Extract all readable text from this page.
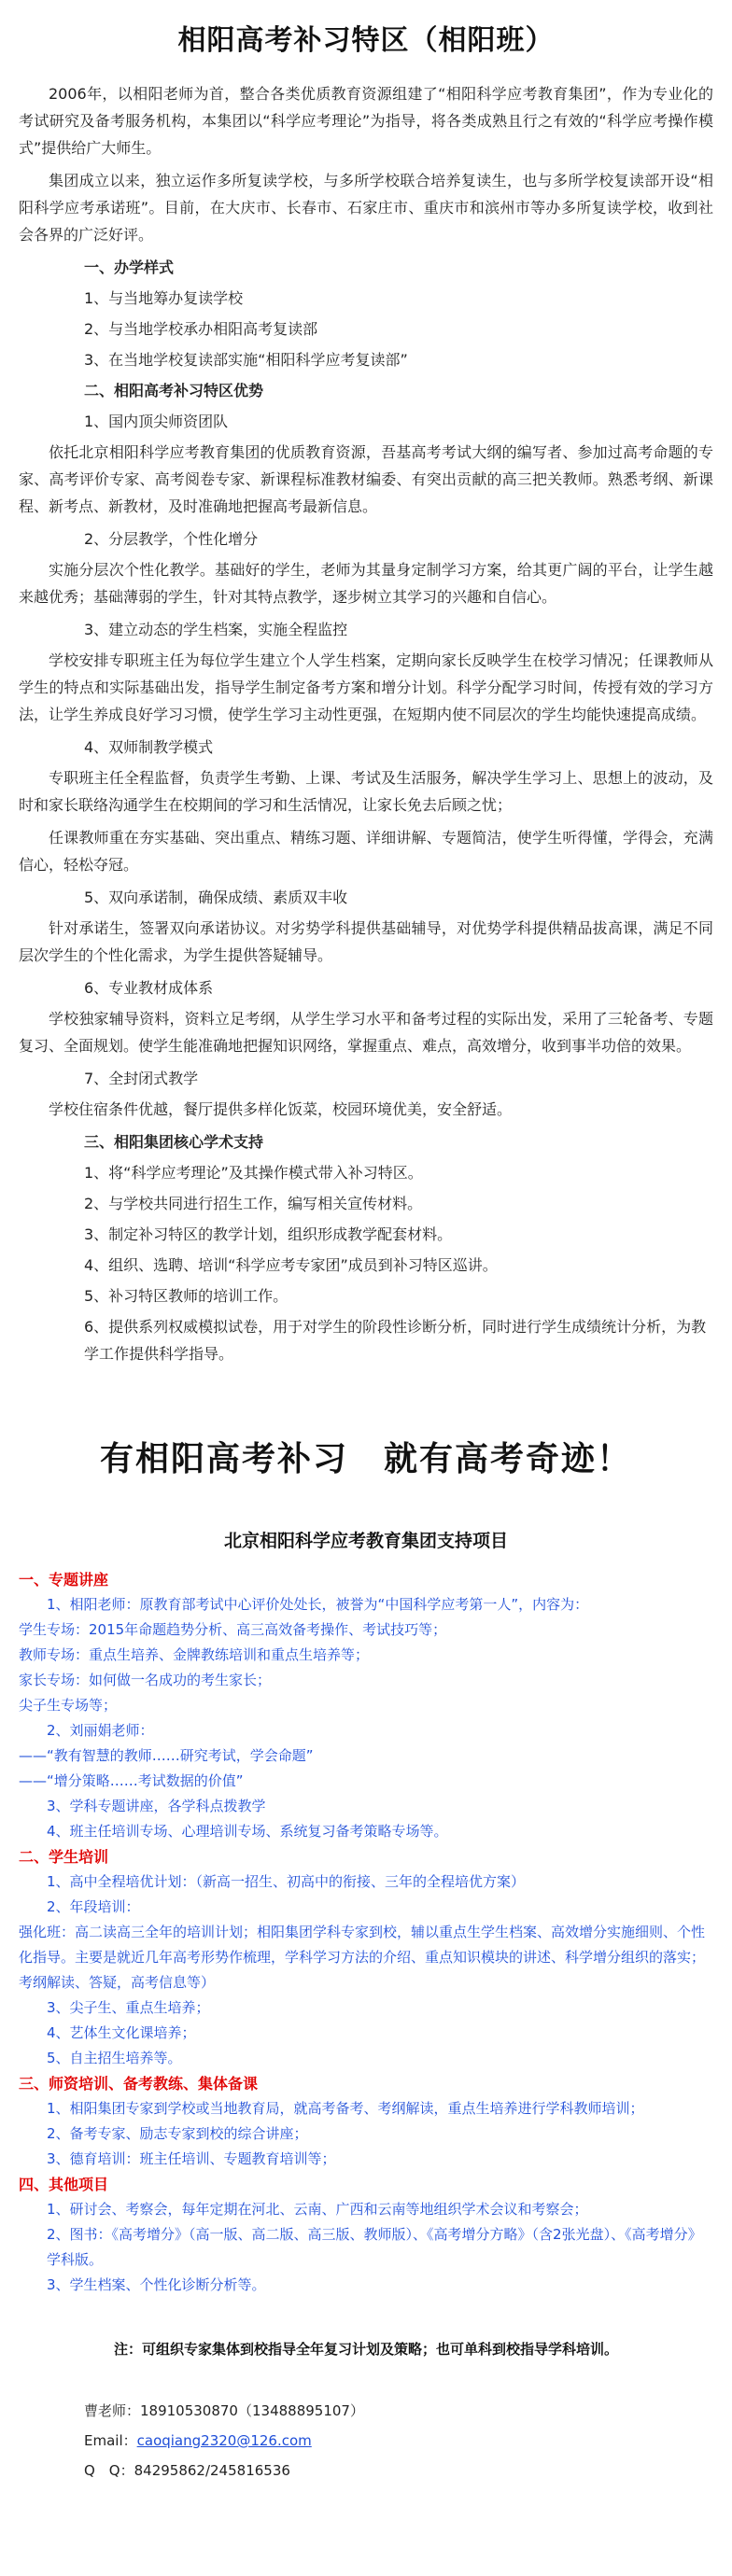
相阳高考补习特区（相阳班）

2006年，以相阳老师为首，整合各类优质教育资源组建了“相阳科学应考教育集团”，作为专业化的考试研究及备考服务机构，本集团以“科学应考理论”为指导，将各类成熟且行之有效的“科学应考操作模式”提供给广大师生。

集团成立以来，独立运作多所复读学校，与多所学校联合培养复读生，也与多所学校复读部开设“相阳科学应考承诺班”。目前，在大庆市、长春市、石家庄市、重庆市和滨州市等办多所复读学校，收到社会各界的广泛好评。

一、办学样式
1、与当地筹办复读学校
2、与当地学校承办相阳高考复读部
3、在当地学校复读部实施“相阳科学应考复读部”
二、相阳高考补习特区优势
1、国内顶尖师资团队

依托北京相阳科学应考教育集团的优质教育资源，吾基高考考试大纲的编写者、参加过高考命题的专家、高考评价专家、高考阅卷专家、新课程标准教材编委、有突出贡献的高三把关教师。熟悉考纲、新课程、新考点、新教材，及时准确地把握高考最新信息。

2、分层教学，个性化增分

实施分层次个性化教学。基础好的学生，老师为其量身定制学习方案，给其更广阔的平台，让学生越来越优秀；基础薄弱的学生，针对其特点教学，逐步树立其学习的兴趣和自信心。

3、建立动态的学生档案，实施全程监控

学校安排专职班主任为每位学生建立个人学生档案，定期向家长反映学生在校学习情况；任课教师从学生的特点和实际基础出发，指导学生制定备考方案和增分计划。科学分配学习时间，传授有效的学习方法，让学生养成良好学习习惯，使学生学习主动性更强，在短期内使不同层次的学生均能快速提高成绩。

4、双师制教学模式

专职班主任全程监督，负责学生考勤、上课、考试及生活服务，解决学生学习上、思想上的波动，及时和家长联络沟通学生在校期间的学习和生活情况，让家长免去后顾之忧；

任课教师重在夯实基础、突出重点、精练习题、详细讲解、专题简洁，使学生听得懂，学得会，充满信心，轻松夺冠。

5、双向承诺制，确保成绩、素质双丰收

针对承诺生，签署双向承诺协议。对劣势学科提供基础辅导，对优势学科提供精品拔高课，满足不同层次学生的个性化需求，为学生提供答疑辅导。

6、专业教材成体系

学校独家辅导资料，资料立足考纲，从学生学习水平和备考过程的实际出发，采用了三轮备考、专题复习、全面规划。使学生能准确地把握知识网络，掌握重点、难点，高效增分，收到事半功倍的效果。

7、全封闭式教学

学校住宿条件优越，餐厅提供多样化饭菜，校园环境优美，安全舒适。

三、相阳集团核心学术支持
1、将“科学应考理论”及其操作模式带入补习特区。
2、与学校共同进行招生工作，编写相关宣传材料。
3、制定补习特区的教学计划，组织形成教学配套材料。
4、组织、选聘、培训“科学应考专家团”成员到补习特区巡讲。
5、补习特区教师的培训工作。
6、提供系列权威模拟试卷，用于对学生的阶段性诊断分析，同时进行学生成绩统计分析，为教学工作提供科学指导。
有相阳高考补习　就有高考奇迹！
北京相阳科学应考教育集团支持项目
一、专题讲座
1、相阳老师：原教育部考试中心评价处处长，被誉为“中国科学应考第一人”，内容为：
学生专场：2015年命题趋势分析、高三高效备考操作、考试技巧等；
教师专场：重点生培养、金牌教练培训和重点生培养等；
家长专场：如何做一名成功的考生家长；
尖子生专场等；
2、刘丽娟老师：
——“教有智慧的教师……研究考试，学会命题”
——“增分策略……考试数据的价值”
3、学科专题讲座，各学科点拨教学
4、班主任培训专场、心理培训专场、系统复习备考策略专场等。
二、学生培训
1、高中全程培优计划：（新高一招生、初高中的衔接、三年的全程培优方案）
2、年段培训：
强化班：高二读高三全年的培训计划；相阳集团学科专家到校，辅以重点生学生档案、高效增分实施细则、个性化指导。主要是就近几年高考形势作梳理，学科学习方法的介绍、重点知识模块的讲述、科学增分组织的落实；考纲解读、答疑，高考信息等）
3、尖子生、重点生培养；
4、艺体生文化课培养；
5、自主招生培养等。
三、师资培训、备考教练、集体备课
1、相阳集团专家到学校或当地教育局，就高考备考、考纲解读，重点生培养进行学科教师培训；
2、备考专家、励志专家到校的综合讲座；
3、德育培训：班主任培训、专题教育培训等；
四、其他项目
1、研讨会、考察会，每年定期在河北、云南、广西和云南等地组织学术会议和考察会；
2、图书：《高考增分》（高一版、高二版、高三版、教师版）、《高考增分方略》（含2张光盘）、《高考增分》学科版。
3、学生档案、个性化诊断分析等。
注：可组织专家集体到校指导全年复习计划及策略；也可单科到校指导学科培训。
曹老师：18910530870（13488895107）
Email：caoqiang2320@126.com
Q　Q：84295862/245816536
